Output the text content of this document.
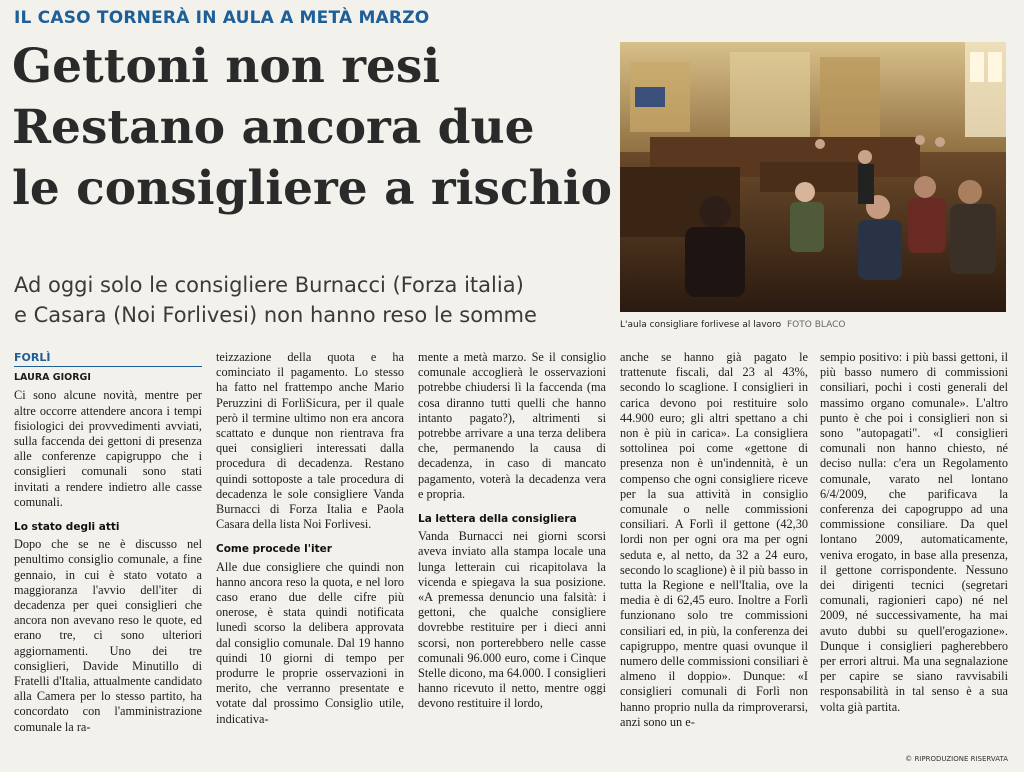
IL CASO TORNERÀ IN AULA A METÀ MARZO
Gettoni non resi
Restano ancora due
le consigliere a rischio
Ad oggi solo le consigliere Burnacci (Forza italia)
e Casara (Noi Forlivesi) non hanno reso le somme	L'aula consigliare forlivese al lavoro FOTO BLACO
FORLÌ
LAURA GIORGI

Ci sono alcune novità, mentre per altre occorre attendere ancora i tempi fisiologici dei provvedimenti avviati, sulla faccenda dei gettoni di presenza alle conferenze capigruppo che i consiglieri comunali sono stati invitati a rendere indietro alle casse comunali.

Lo stato degli atti

Dopo che se ne è discusso nel penultimo consiglio comunale, a fine gennaio, in cui è stato votato a maggioranza l'avvio dell'iter di decadenza per quei consiglieri che ancora non avevano reso le quote, ed erano tre, ci sono ulteriori aggiornamenti. Uno dei tre consiglieri, Davide Minutillo di Fratelli d'Italia, attualmente candidato alla Camera per lo stesso partito, ha concordato con l'amministrazione comunale la ra-

teizzazione della quota e ha cominciato il pagamento. Lo stesso ha fatto nel frattempo anche Mario Peruzzini di ForlìSicura, per il quale però il termine ultimo non era ancora scattato e dunque non rientrava fra quei consiglieri interessati dalla procedura di decadenza. Restano quindi sottoposte a tale procedura di decadenza le sole consigliere Vanda Burnacci di Forza Italia e Paola Casara della lista Noi Forlivesi.

Come procede l'iter

Alle due consigliere che quindi non hanno ancora reso la quota, e nel loro caso erano due delle cifre più onerose, è stata quindi notificata lunedì scorso la delibera approvata dal consiglio comunale. Dal 19 hanno quindi 10 giorni di tempo per produrre le proprie osservazioni in merito, che verranno presentate e votate dal prossimo Consiglio utile, indicativa-

mente a metà marzo. Se il consiglio comunale accoglierà le osservazioni potrebbe chiudersi lì la faccenda (ma cosa diranno tutti quelli che hanno intanto pagato?), altrimenti si potrebbe arrivare a una terza delibera che, permanendo la causa di decadenza, in caso di mancato pagamento, voterà la decadenza vera e propria.

La lettera della consigliera

Vanda Burnacci nei giorni scorsi aveva inviato alla stampa locale una lunga letterain cui ricapitolava la vicenda e spiegava la sua posizione. «A premessa denuncio una falsità: i gettoni, che qualche consigliere dovrebbe restituire per i dieci anni scorsi, non porterebbero nelle casse comunali 96.000 euro, come i Cinque Stelle dicono, ma 64.000. I consiglieri hanno ricevuto il netto, mentre oggi devono restituire il lordo,

anche se hanno già pagato le trattenute fiscali, dal 23 al 43%, secondo lo scaglione. I consiglieri in carica devono poi restituire solo 44.900 euro; gli altri spettano a chi non è più in carica». La consigliera sottolinea poi come «gettone di presenza non è un'indennità, è un compenso che ogni consigliere riceve per la sua attività in consiglio comunale o nelle commissioni consiliari. A Forlì il gettone (42,30 lordi non per ogni ora ma per ogni seduta e, al netto, da 32 a 24 euro, secondo lo scaglione) è il più basso in tutta la Regione e nell'Italia, ove la media è di 62,45 euro. Inoltre a Forlì funzionano solo tre commissioni consiliari ed, in più, la conferenza dei capigruppo, mentre quasi ovunque il numero delle commissioni consiliari è almeno il doppio». Dunque: «I consiglieri comunali di Forlì non hanno proprio nulla da rimproverarsi, anzi sono un e-

sempio positivo: i più bassi gettoni, il più basso numero di commissioni consiliari, pochi i costi generali del massimo organo comunale». L'altro punto è che poi i consiglieri non si sono "autopagati". «I consiglieri comunali non hanno chiesto, né deciso nulla: c'era un Regolamento comunale, varato nel lontano 6/4/2009, che parificava la conferenza dei capogruppo ad una commissione consiliare. Da quel lontano 2009, automaticamente, veniva erogato, in base alla presenza, il gettone corrispondente. Nessuno dei dirigenti tecnici (segretari comunali, ragionieri capo) né nel 2009, né successivamente, ha mai avuto dubbi su quell'erogazione». Dunque i consiglieri pagherebbero per errori altrui. Ma una segnalazione per capire se siano ravvisabili responsabilità in tal senso è a sua volta già partita.

© RIPRODUZIONE RISERVATA
